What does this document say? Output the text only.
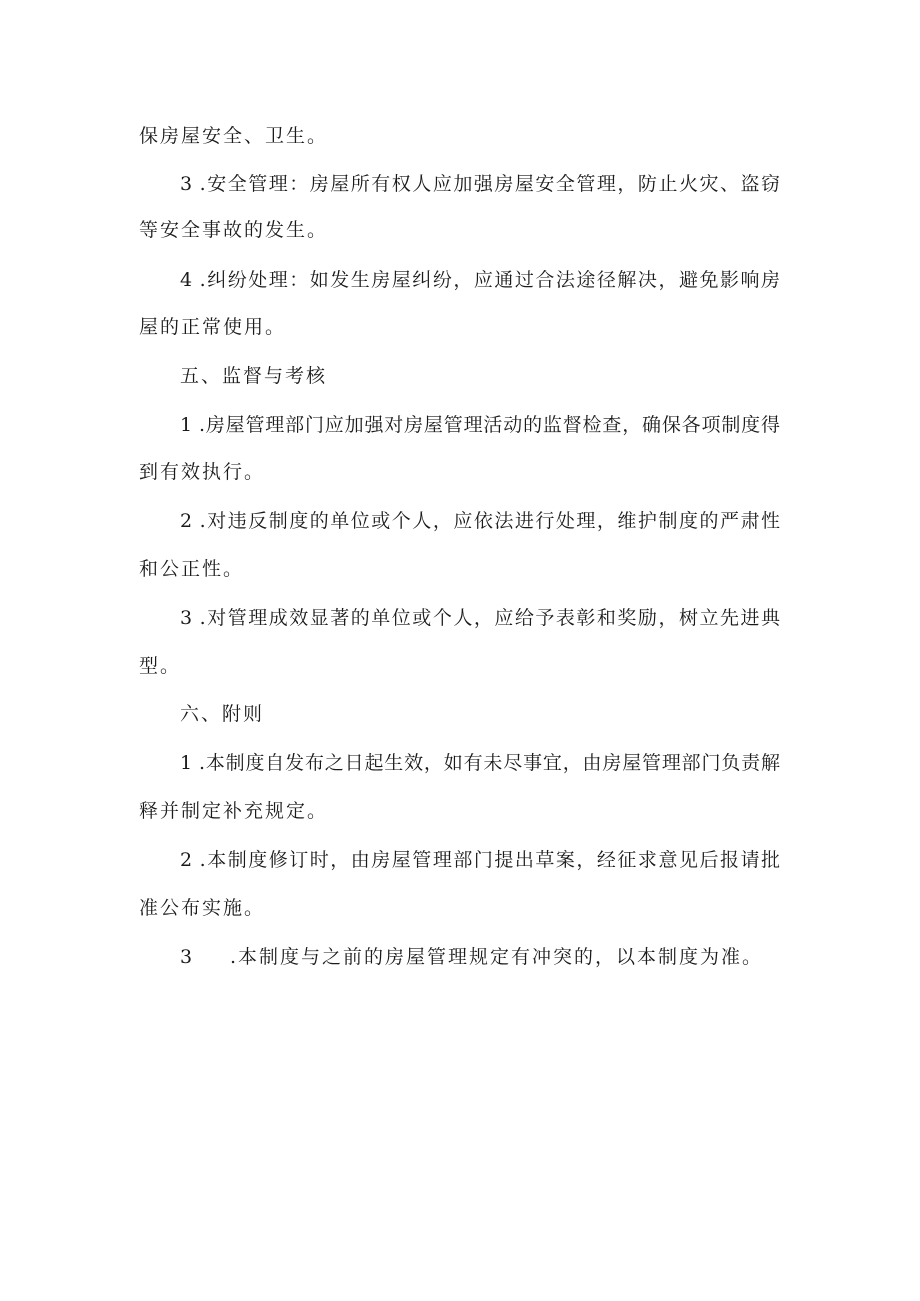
保房屋安全、卫生。
3 .安全管理：房屋所有权人应加强房屋安全管理，防止火灾、盗窃
等安全事故的发生。
4 .纠纷处理：如发生房屋纠纷，应通过合法途径解决，避免影响房
屋的正常使用。
五、监督与考核
1 .房屋管理部门应加强对房屋管理活动的监督检查，确保各项制度得
到有效执行。
2 .对违反制度的单位或个人，应依法进行处理，维护制度的严肃性
和公正性。
3 .对管理成效显著的单位或个人，应给予表彰和奖励，树立先进典
型。
六、附则
1 .本制度自发布之日起生效，如有未尽事宜，由房屋管理部门负责解
释并制定补充规定。
2 .本制度修订时，由房屋管理部门提出草案，经征求意见后报请批
准公布实施。
3 .本制度与之前的房屋管理规定有冲突的，以本制度为准。
